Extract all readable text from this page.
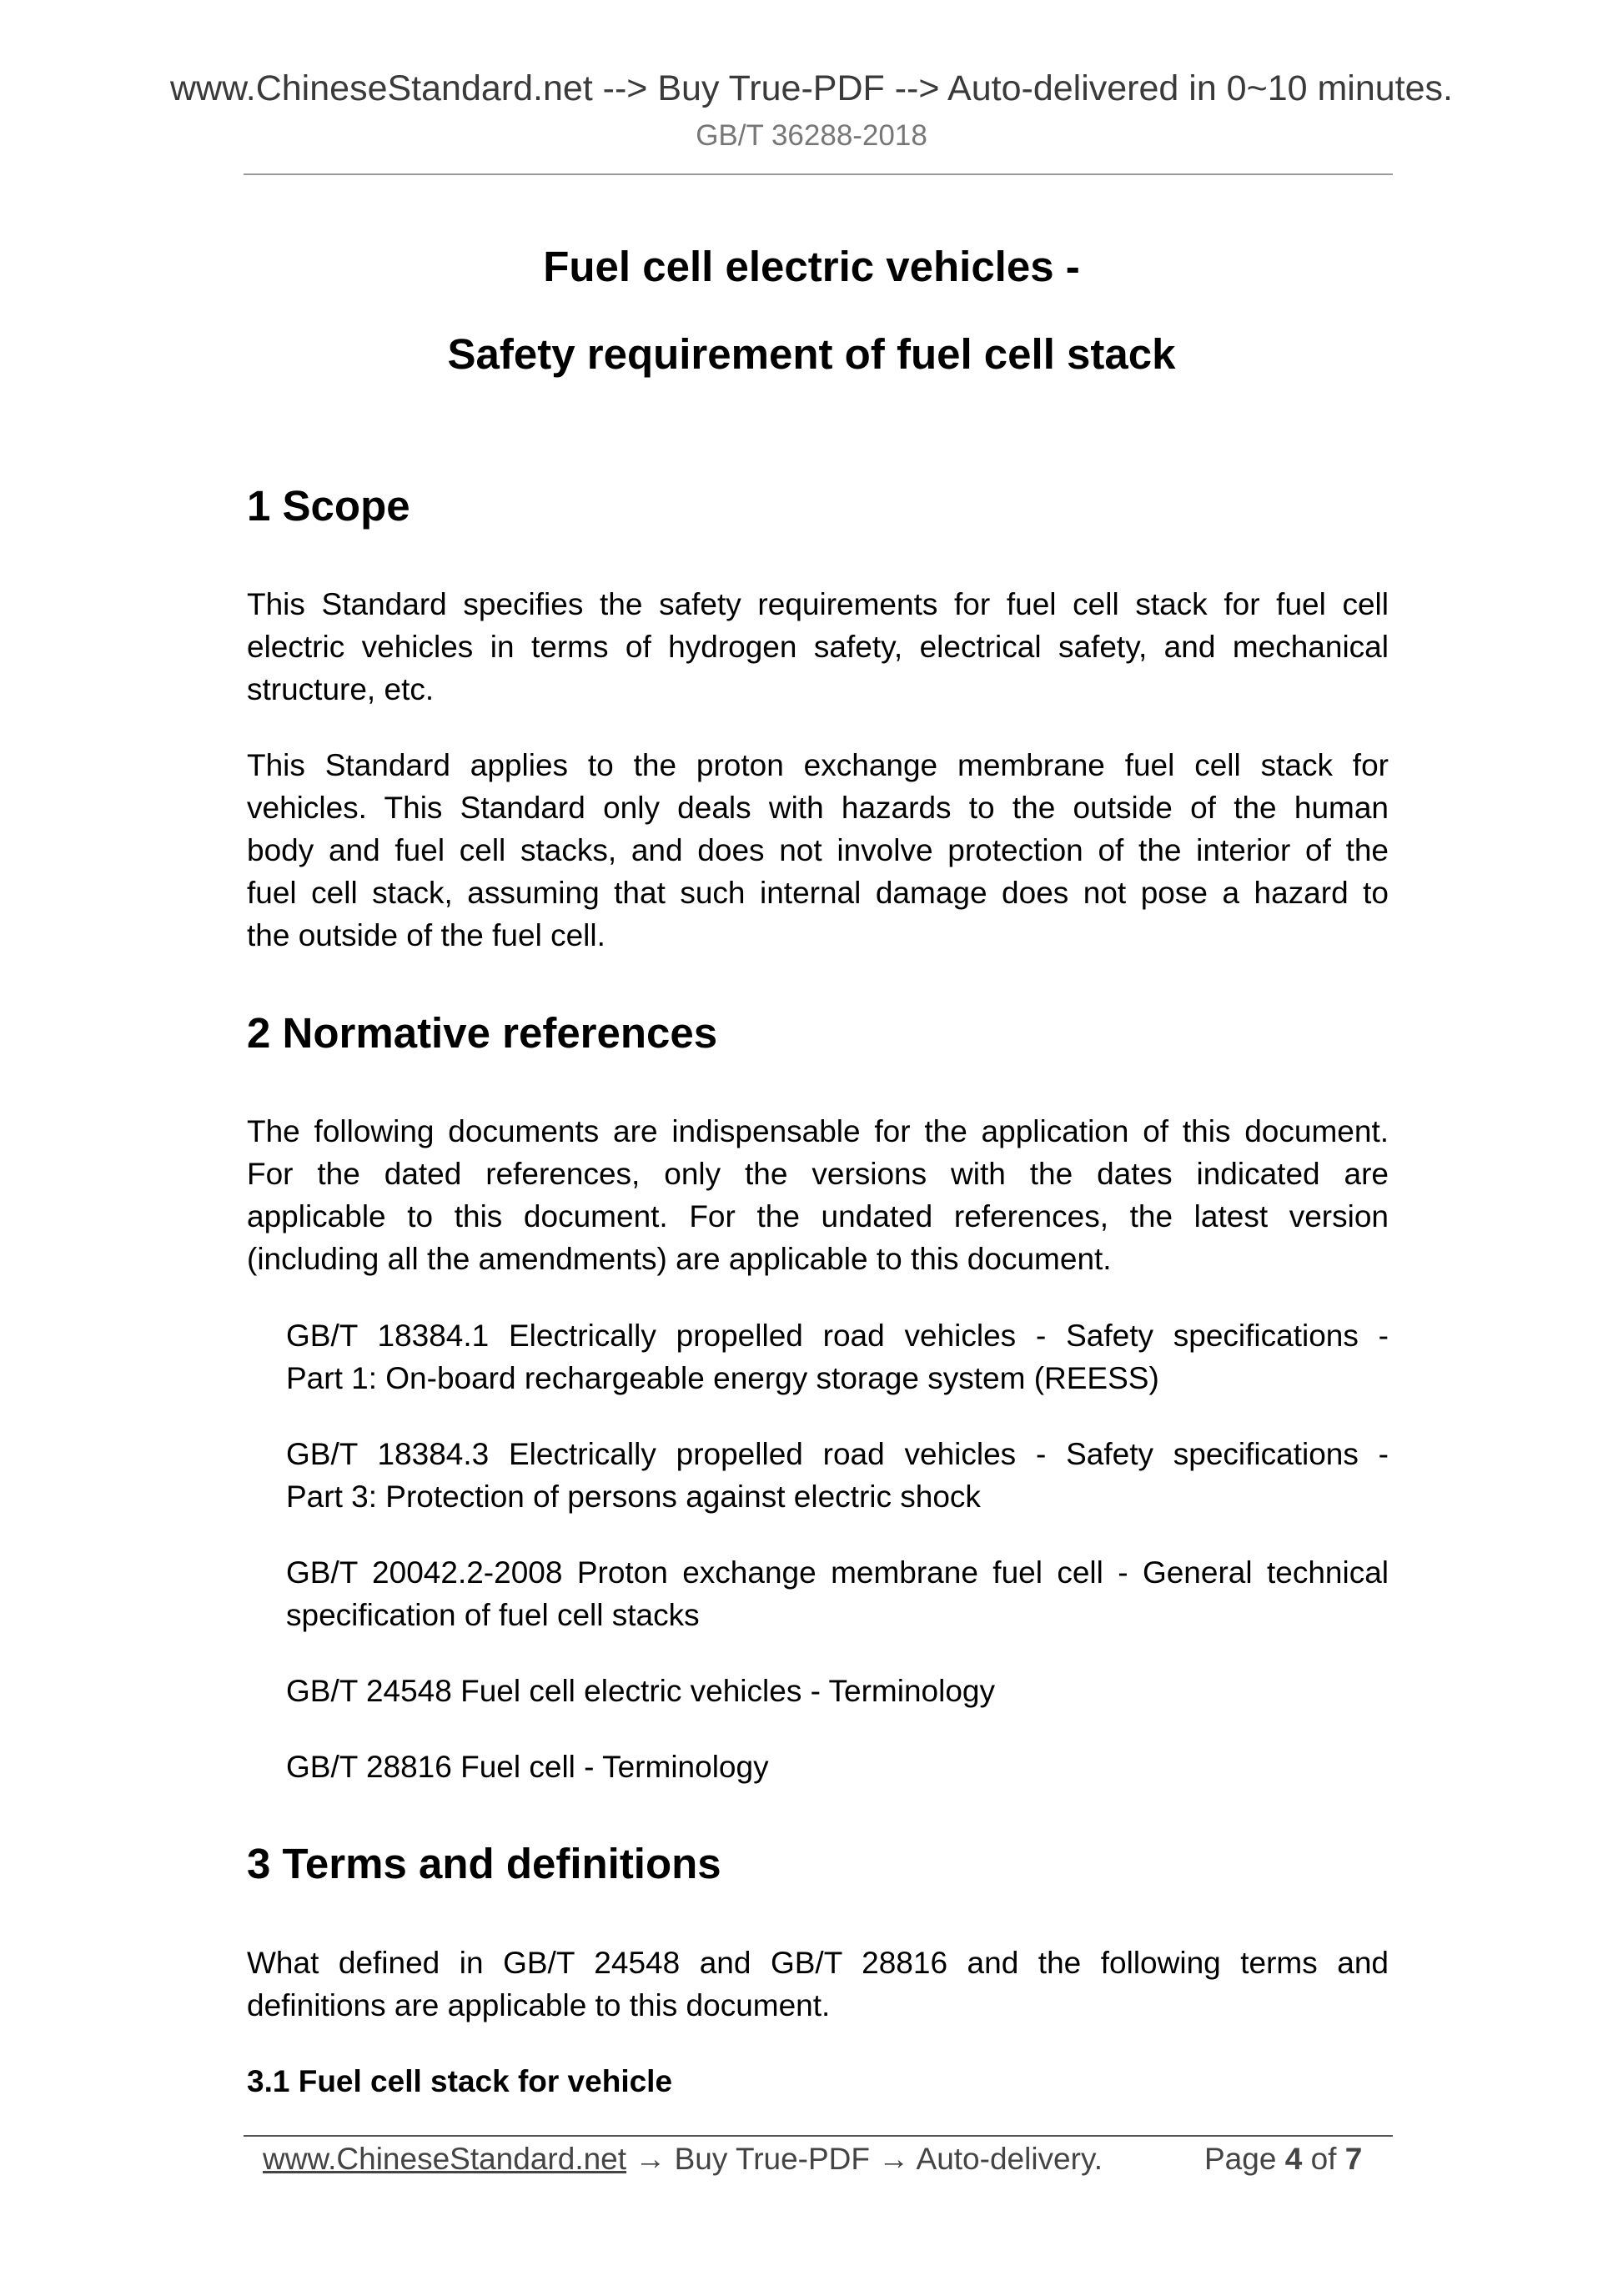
www.ChineseStandard.net --> Buy True-PDF --> Auto-delivered in 0~10 minutes.
GB/T 36288-2018
Fuel cell electric vehicles -
Safety requirement of fuel cell stack
1 Scope
This Standard specifies the safety requirements for fuel cell stack for fuel cell
electric vehicles in terms of hydrogen safety, electrical safety, and mechanical
structure, etc.
This Standard applies to the proton exchange membrane fuel cell stack for
vehicles. This Standard only deals with hazards to the outside of the human
body and fuel cell stacks, and does not involve protection of the interior of the
fuel cell stack, assuming that such internal damage does not pose a hazard to
the outside of the fuel cell.
2 Normative references
The following documents are indispensable for the application of this document.
For the dated references, only the versions with the dates indicated are
applicable to this document. For the undated references, the latest version
(including all the amendments) are applicable to this document.
GB/T 18384.1 Electrically propelled road vehicles - Safety specifications -
Part 1: On-board rechargeable energy storage system (REESS)
GB/T 18384.3 Electrically propelled road vehicles - Safety specifications -
Part 3: Protection of persons against electric shock
GB/T 20042.2-2008 Proton exchange membrane fuel cell - General technical
specification of fuel cell stacks
GB/T 24548 Fuel cell electric vehicles - Terminology
GB/T 28816 Fuel cell - Terminology
3 Terms and definitions
What defined in GB/T 24548 and GB/T 28816 and the following terms and
definitions are applicable to this document.
3.1 Fuel cell stack for vehicle
www.ChineseStandard.net → Buy True-PDF → Auto-delivery.	Page 4 of 7
